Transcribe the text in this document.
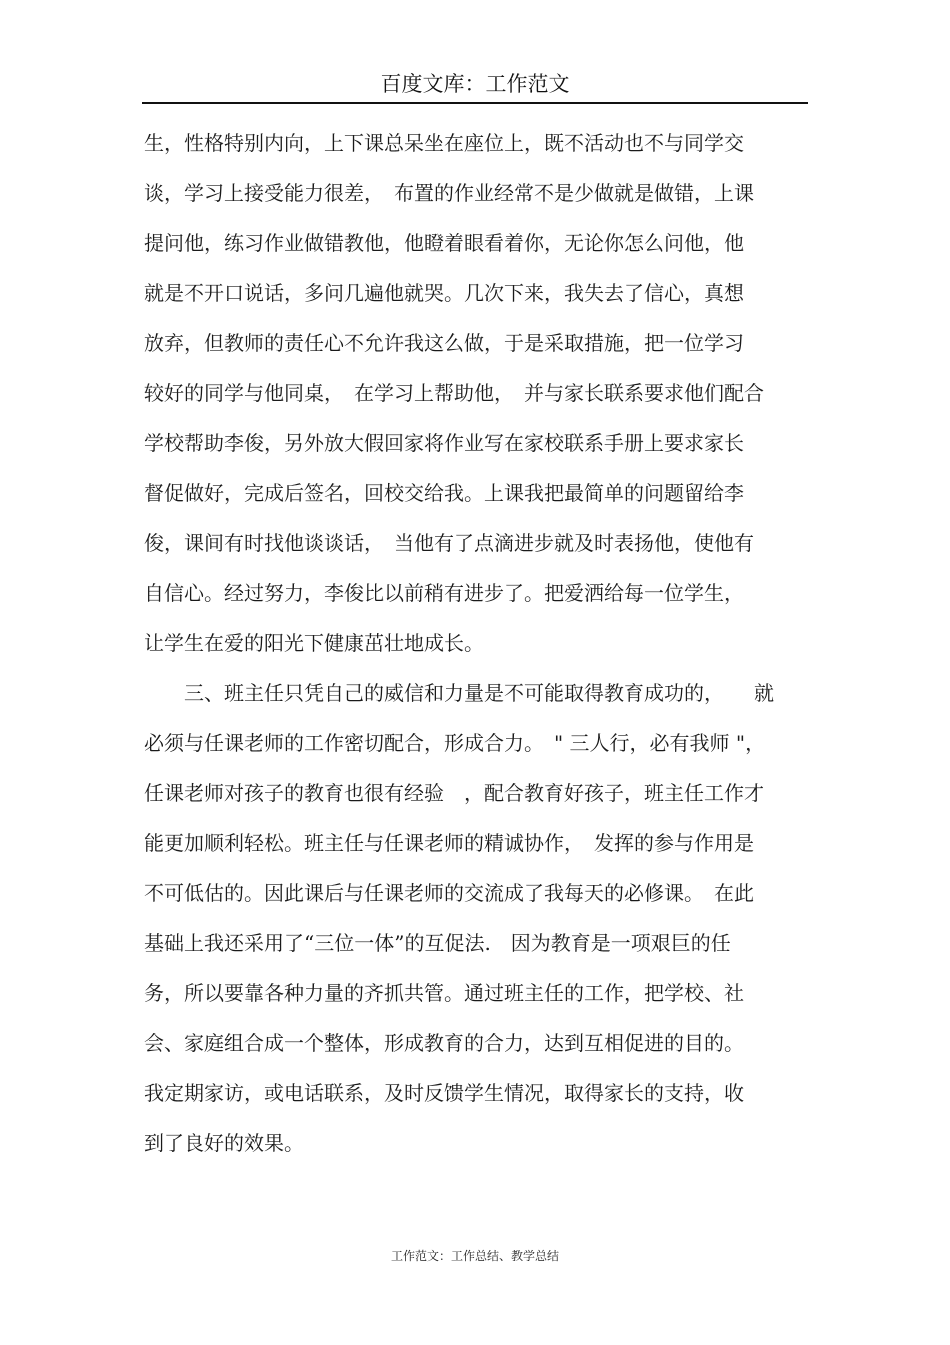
百度文库：工作范文
生，性格特别内向，上下课总呆坐在座位上，既不活动也不与同学交
谈，学习上接受能力很差，　布置的作业经常不是少做就是做错，上课
提问他，练习作业做错教他，他瞪着眼看着你，无论你怎么问他，他
就是不开口说话，多问几遍他就哭。几次下来，我失去了信心，真想
放弃，但教师的责任心不允许我这么做，于是采取措施，把一位学习
较好的同学与他同桌，　在学习上帮助他，　并与家长联系要求他们配合
学校帮助李俊，另外放大假回家将作业写在家校联系手册上要求家长
督促做好，完成后签名，回校交给我。上课我把最简单的问题留给李
俊，课间有时找他谈谈话，　当他有了点滴进步就及时表扬他，使他有
自信心。经过努力，李俊比以前稍有进步了。把爱洒给每一位学生，
让学生在爱的阳光下健康茁壮地成长。
　　三、班主任只凭自己的威信和力量是不可能取得教育成功的，　　就
必须与任课老师的工作密切配合，形成合力。　" 三人行，必有我师 "，
任课老师对孩子的教育也很有经验　，配合教育好孩子，班主任工作才
能更加顺利轻松。班主任与任课老师的精诚协作，　发挥的参与作用是
不可低估的。因此课后与任课老师的交流成了我每天的必修课。　在此
基础上我还采用了“三位一体”的互促法.　因为教育是一项艰巨的任
务，所以要靠各种力量的齐抓共管。通过班主任的工作，把学校、社
会、家庭组合成一个整体，形成教育的合力，达到互相促进的目的。
我定期家访，或电话联系，及时反馈学生情况，取得家长的支持，收
到了良好的效果。
工作范文：工作总结、教学总结
